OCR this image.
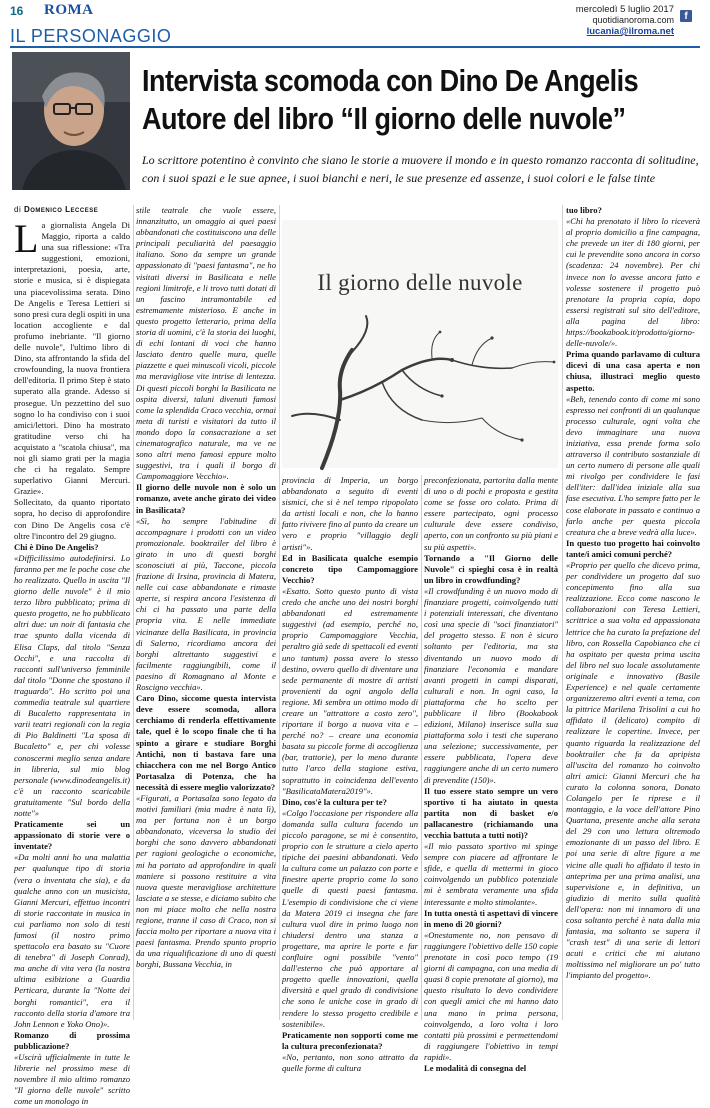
16 ROMA	mercoledì 5 luglio 2017
quotidianoroma.com
lucania@ilroma.net
f
IL PERSONAGGIO
Intervista scomoda con Dino De Angelis
Autore del libro “Il giorno delle nuvole”
Lo scrittore potentino è convinto che siano le storie a muovere il mondo e in questo romanzo racconta di solitudine, con i suoi spazi e le sue apnee, i suoi bianchi e neri, le sue presenze ed assenze, i suoi colori e le false tinte
di Domenico Leccese

La giornalista Angela Di Maggio, riporta a caldo una sua riflessione: «Tra suggestioni, emozioni, interpretazioni, poesia, arte, storie e musica, si è dispiegata una piacevolissima serata. Dino De Angelis e Teresa Lettieri si sono presi cura degli ospiti in una location accogliente e dal profumo inebriante. "Il giorno delle nuvole", l'ultimo libro di Dino, sta affrontando la sfida del crowfounding, la nuova frontiera dell'editoria. Il primo Step è stato superato alla grande. Adesso si prosegue. Un pezzettino del suo sogno lo ha condiviso con i suoi amici/lettori. Dino ha mostrato gratitudine verso chi ha acquistato a "scatola chiusa", ma noi gli siamo grati per la magia che ci ha regalato. Sempre superlativo Gianni Mercuri. Grazie».

Sollecitato, da quanto riportato sopra, ho deciso di approfondire con Dino De Angelis cosa c'è oltre l'incontro del 29 giugno.

Chi è Dino De Angelis?

«Difficilissimo autodefinirsi. Lo faranno per me le poche cose che ho realizzato. Quello in uscita "Il giorno delle nuvole" è il mio terzo libro pubblicato; prima di questo progetto, ne ho pubblicato altri due: un noir di fantasia che trae spunto dalla vicenda di Elisa Claps, dal titolo "Senza Occhi", e una raccolta di racconti sull'universo femminile dal titolo "Donne che spostano il traguardo". Ho scritto poi una commedia teatrale sul quartiere di Bucaletto rappresentata in varii teatri regionali con la regia di Pio Baldinetti "La sposa di Bucaletto" e, per chi volesse conoscermi meglio senza andare in libreria, sul mio blog personale (www.dinodeangelis.it) c'è un racconto scaricabile gratuitamente "Sul bordo della notte"»

Praticamente sei un appassionato di storie vere o inventate?

«Da molti anni ho una malattia per qualunque tipo di storia (vera o inventata che sia), e da qualche anno con un musicista, Gianni Mercuri, effettuo incontri di storie raccontate in musica in cui parliamo non solo di testi famosi (il nostro primo spettacolo era basato su "Cuore di tenebra" di Joseph Conrad), ma anche di vita vera (la nostra ultima esibizione a Guardia Perticara, durante la "Notte dei borghi romantici", era il racconto della storia d'amore tra John Lennon e Yoko Ono)».

Romanzo di prossima pubblicazione?

«Uscirà ufficialmente in tutte le librerie nel prossimo mese di novembre il mio ultimo romanzo "Il giorno delle nuvole" scritto come un monologo in

stile teatrale che vuole essere, innanzitutto, un omaggio ai quei paesi abbandonati che costituiscono una delle principali peculiarità del paesaggio italiano. Sono da sempre un grande appassionato di "paesi fantasma", ne ho visitati diversi in Basilicata e nelle regioni limitrofe, e li trovo tutti dotati di un fascino intramontabile ed estremamente misterioso. E anche in questo progetto letterario, prima della storia di uomini, c'è la storia dei luoghi, di echi lontani di voci che hanno lasciato dentro quelle mura, quelle piazzette e quei minuscoli vicoli, piccole ma meravigliose vite intrise di lentezza. Di questi piccoli borghi la Basilicata ne ospita diversi, taluni divenuti famosi come la splendida Craco vecchia, ormai meta di turisti e visitatori da tutto il mondo dopo la consacrazione a set cinematografico naturale, ma ve ne sono altri meno famosi eppure molto suggestivi, tra i quali il borgo di Campomaggiore Vecchio».

Il giorno delle nuvole non è solo un romanzo, avete anche girato dei video in Basilicata?

«Sì, ho sempre l'abitudine di accompagnare i prodotti con un video promozionale. booktrailer del libro è girato in uno di questi borghi sconosciuti ai più, Taccone, piccola frazione di Irsina, provincia di Matera, nelle cui case abbandonate e rimaste aperte, si respira ancora l'esistenza di chi ci ha passato una parte della propria vita. E nelle immediate vicinanze della Basilicata, in provincia di Salerno, ricordiamo ancora dei borghi altrettanto suggestivi e facilmente raggiungibili, come il paesino di Romagnano al Monte e Roscigno vecchia».

Caro Dino, siccome questa intervista deve essere scomoda, allora cerchiamo di renderla effettivamente tale, quel è lo scopo finale che ti ha spinto a girare e studiare Borghi Antichi, non ti bastava fare una chiacchera con me nel Borgo Antico Portasalza di Potenza, che ha necessità di essere meglio valorizzato?

«Figurati, a Portasalza sono legato da motivi familiari (mia madre è nata lì), ma per fortuna non è un borgo abbandonato, viceversa lo studio dei borghi che sono davvero abbandonati per ragioni geologiche o economiche, mi ha portato ad approfondire in quali maniere si possono restituire a vita nuova queste meravigliose architetture lasciate a se stesse, e diciamo subito che non mi piace molto che nella nostra regione, tranne il caso di Craco, non si faccia molto per riportare a nuova vita i paesi fantasma. Prendo spunto proprio da una riqualificazione di uno di questi borghi, Bussana Vecchia, in

Il giorno delle nuvole

provincia di Imperia, un borgo abbandonato a seguito di eventi sismici, che si è nel tempo ripopolato da artisti locali e non, che lo hanno fatto rivivere fino al punto da creare un vero e proprio "villaggio degli artisti"».

Ed in Basilicata qualche esempio concreto tipo Campomaggiore Vecchio?

«Esatto. Sotto questo punto di vista credo che anche uno dei nostri borghi abbandonati ed estremamente suggestivi (ad esempio, perché no, proprio Campomaggiore Vecchia, peraltro già sede di spettacoli ed eventi uno tantum) possa avere lo stesso destino, ovvero quello di diventare una sede permanente di mostre di artisti provenienti da ogni angolo della regione. Mi sembra un ottimo modo di creare un "attrattore a costo zero", riportare il borgo a nuova vita e – perché no? – creare una economia basata su piccole forme di accoglienza (bar, trattorie), per lo meno durante tutto l'arco della stagione estiva, soprattutto in coincidenza dell'evento "BasilicataMatera2019"».

Dino, cos'è la cultura per te?

«Colgo l'occasione per rispondere alla domanda sulla cultura facendo un piccolo paragone, se mi è consentito, proprio con le strutture a cielo aperto tipiche dei paesini abbandonati. Vedo la cultura come un palazzo con porte e finestre aperte proprio come lo sono quelle di questi paesi fantasma. L'esempio di condivisione che ci viene da Matera 2019 ci insegna che fare cultura vuol dire in primo luogo non chiudersi dentro una stanza a progettare, ma aprire le porte e far confluire ogni possibile "vento" dall'esterno che può apportare al progetto quelle innovazioni, quella diversità e quel grado di condivisione che sono le uniche cose in grado di rendere lo stesso progetto credibile e sostenibile».

Praticamente non sopporti come me la cultura preconfezionata?

«No, pertanto, non sono attratto da quelle forme di cultura

preconfezionata, partorita dalla mente di uno o di pochi e proposta e gestita come se fosse oro colato. Prima di essere partecipato, ogni processo culturale deve essere condiviso, aperto, con un confronto su più piani e su più aspetti».

Tornando a "Il Giorno delle Nuvole" ci spieghi cosa è in realtà un libro in crowdfunding?

«Il crowdfunding è un nuovo modo di finanziare progetti, coinvolgendo tutti i potenziali interessati, che diventano così una specie di "soci finanziatori" del progetto stesso. E non è sicuro soltanto per l'editoria, ma sta diventando un nuovo modo di finanziare l'economia e mandare avanti progetti in campi disparati, culturali e non. In ogni caso, la piattaforma che ho scelto per pubblicare il libro (Bookabook edizioni, Milano) inserisce sulla sua piattaforma solo i testi che superano una selezione; successivamente, per essere pubblicata, l'opera deve raggiungere anche di un certo numero di prevendite (150)».

Il tuo essere stato sempre un vero sportivo ti ha aiutato in questa partita non di basket e/o pallacanestro (richiamando una vecchia battuta a tutti noti)?

«Il mio passato sportivo mi spinge sempre con piacere ad affrontare le sfide, e quella di mettermi in gioco coinvolgendo un pubblico potenziale mi è sembrata veramente una sfida interessante e molto stimolante».

In tutta onestà ti aspettavi di vincere in meno di 20 giorni?

«Onestamente no, non pensavo di raggiungere l'obiettivo delle 150 copie prenotate in così poco tempo (19 giorni di campagna, con una media di quasi 8 copie prenotate al giorno), ma questo risultato lo devo condividere con quegli amici che mi hanno dato una mano in prima persona, coinvolgendo, a loro volta i loro contatti più prossimi e permettendomi di raggiungere l'obiettivo in tempi rapidi».

Le modalità di consegna del

tuo libro?

«Chi ha prenotato il libro lo riceverà al proprio domicilio a fine campagna, che prevede un iter di 180 giorni, per cui le prevendite sono ancora in corso (scadenza: 24 novembre). Per chi invece non lo avesse ancora fatto e volesse sostenere il progetto può prenotare la propria copia, dopo essersi registrati sul sito dell'editore, alla pagina del libro: https://bookabook.it/prodotto/giorno-delle-nuvole/».

Prima quando parlavamo di cultura dicevi di una casa aperta e non chiusa, illustraci meglio questo aspetto.

«Beh, tenendo conto di come mi sono espresso nei confronti di un qualunque processo culturale, ogni volta che devo immaginare una nuova iniziativa, essa prende forma solo attraverso il contributo sostanziale di un certo numero di persone alle quali mi rivolgo per condividere le fasi dell'iter: dall'idea iniziale alla sua fase esecutiva. L'ho sempre fatto per le cose elaborate in passato e continuo a farlo anche per questa piccola creatura che a breve vedrà alla luce».

In questo tuo progetto hai coinvolto tante/i amici comuni perché?

«Proprio per quello che dicevo prima, per condividere un progetto dal suo concepimento fino alla sua realizzazione. Ecco come nascono le collaborazioni con Teresa Lettieri, scrittrice a sua volta ed appassionata lettrice che ha curato la prefazione del libro, con Rossella Capobianco che ci ha ospitato per questa prima uscita del libro nel suo locale assolutamente originale e innovativo (Basile Experience) e nel quale certamente organizzeremo altri eventi a tema, con la pittrice Marilena Trisolini a cui ho affidato il (delicato) compito di realizzare le copertine. Invece, per quanto riguarda la realizzazione del booktrailer che fa da apripista all'uscita del romanzo ho coinvolto altri amici: Gianni Mercuri che ha curato la colonna sonora, Donato Colangelo per le riprese e il montaggio, e la voce dell'attore Pino Quartana, presente anche alla serata del 29 con uno lettura oltremodo emozionante di un passo del libro. E poi una serie di altre figure a me vicine alle quali ho affidato il testo in anteprima per una prima analisi, una supervisione e, in definitiva, un giudizio di merito sulla qualità dell'opera: non mi innamoro di una cosa soltanto perché è nata dalla mia fantasia, ma soltanto se supera il "crash test" di una serie di lettori acuti e critici che mi aiutano moltissimo nel migliorare un po' tutto l'impianto del progetto».
